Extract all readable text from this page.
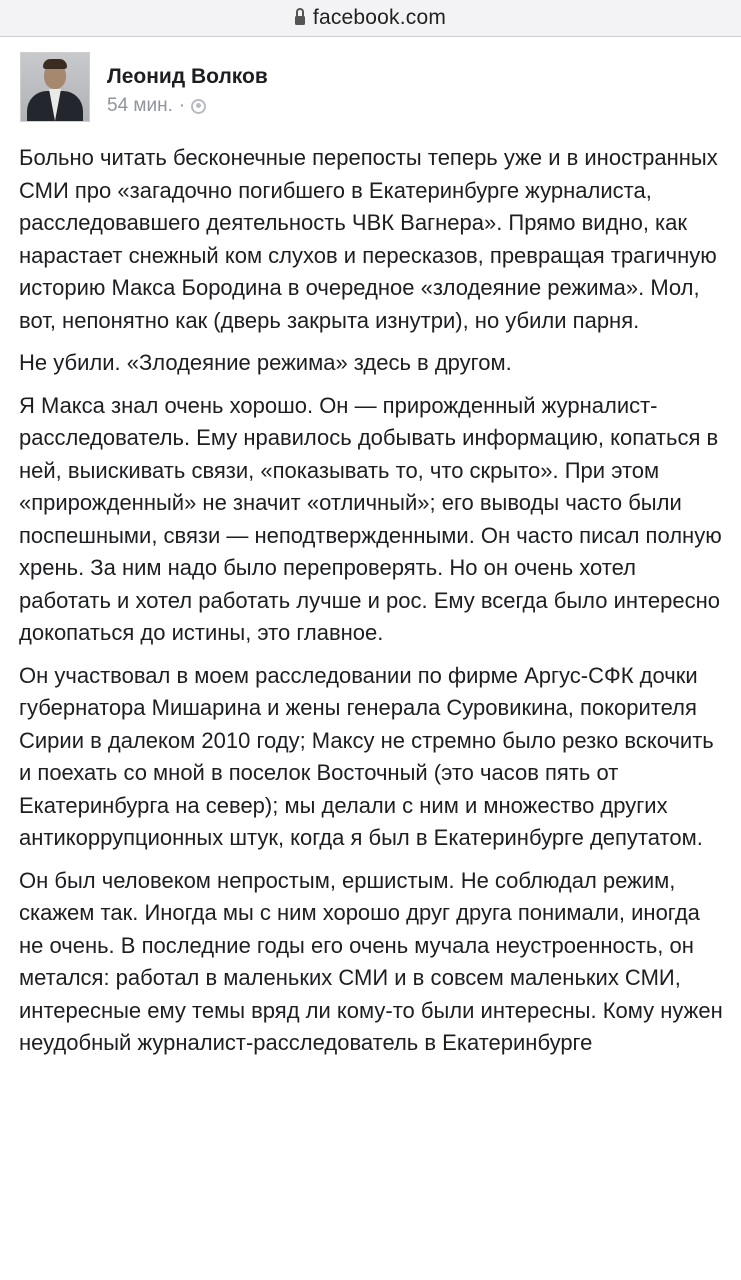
facebook.com
Леонид Волков
54 мин. ·

Больно читать бесконечные перепосты теперь уже и в иностранных СМИ про «загадочно погибшего в Екатеринбурге журналиста, расследовавшего деятельность ЧВК Вагнера». Прямо видно, как нарастает снежный ком слухов и пересказов, превращая трагичную историю Макса Бородина в очередное «злодеяние режима». Мол, вот, непонятно как (дверь закрыта изнутри), но убили парня.

Не убили. «Злодеяние режима» здесь в другом.

Я Макса знал очень хорошо. Он — прирожденный журналист-расследователь. Ему нравилось добывать информацию, копаться в ней, выискивать связи, «показывать то, что скрыто». При этом «прирожденный» не значит «отличный»; его выводы часто были поспешными, связи — неподтвержденными. Он часто писал полную хрень. За ним надо было перепроверять. Но он очень хотел работать и хотел работать лучше и рос. Ему всегда было интересно докопаться до истины, это главное.

Он участвовал в моем расследовании по фирме Аргус-СФК дочки губернатора Мишарина и жены генерала Суровикина, покорителя Сирии в далеком 2010 году; Максу не стремно было резко вскочить и поехать со мной в поселок Восточный (это часов пять от Екатеринбурга на север); мы делали с ним и множество других антикоррупционных штук, когда я был в Екатеринбурге депутатом.

Он был человеком непростым, ершистым. Не соблюдал режим, скажем так. Иногда мы с ним хорошо друг друга понимали, иногда не очень. В последние годы его очень мучала неустроенность, он метался: работал в маленьких СМИ и в совсем маленьких СМИ, интересные ему темы вряд ли кому-то были интересны. Кому нужен неудобный журналист-расследователь в Екатеринбурге
